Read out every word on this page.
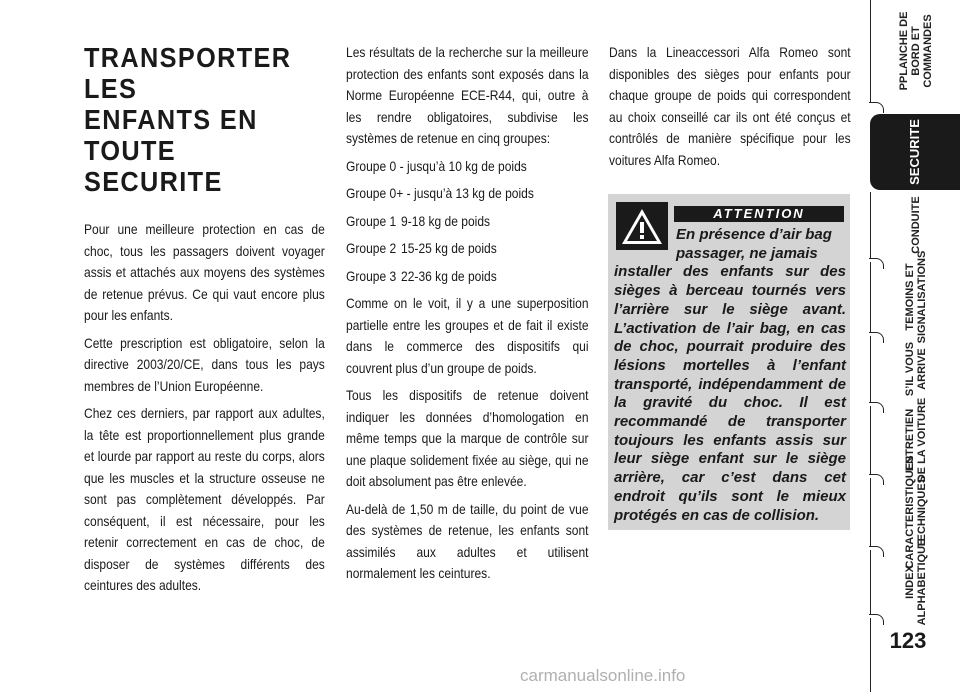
TRANSPORTER LES
ENFANTS EN TOUTE
SECURITE

Pour une meilleure protection en cas de choc, tous les passagers doivent voyager assis et attachés aux moyens des systèmes de retenue prévus. Ce qui vaut encore plus pour les enfants.

Cette prescription est obligatoire, selon la directive 2003/20/CE, dans tous les pays membres de l’Union Européenne.

Chez ces derniers, par rapport aux adultes, la tête est proportionnellement plus grande et lourde par rapport au reste du corps, alors que les muscles et la structure osseuse ne sont pas complètement développés. Par conséquent, il est nécessaire, pour les retenir correctement en cas de choc, de disposer de systèmes différents des ceintures des adultes.

Les résultats de la recherche sur la meilleure protection des enfants sont exposés dans la Norme Européenne ECE-R44, qui, outre à les rendre obligatoires, subdivise les systèmes de retenue en cinq groupes:

Groupe 0 - jusqu’à 10 kg de poids
Groupe 0+ - jusqu’à 13 kg de poids
Groupe 1 9-18 kg de poids
Groupe 2 15-25 kg de poids
Groupe 3 22-36 kg de poids

Comme on le voit, il y a une superposition partielle entre les groupes et de fait il existe dans le commerce des dispositifs qui couvrent plus d’un groupe de poids.

Tous les dispositifs de retenue doivent indiquer les données d’homologation en même temps que la marque de contrôle sur une plaque solidement fixée au siège, qui ne doit absolument pas être enlevée.

Au-delà de 1,50 m de taille, du point de vue des systèmes de retenue, les enfants sont assimilés aux adultes et utilisent normalement les ceintures.

Dans la Lineaccessori Alfa Romeo sont disponibles des sièges pour enfants pour chaque groupe de poids qui correspondent au choix conseillé car ils ont été conçus et contrôlés de manière spécifique pour les voitures Alfa Romeo.

ATTENTION
En présence d’air bag
passager, ne jamais
installer des enfants sur des sièges à berceau tournés vers l’arrière sur le siège avant. L’activation de l’air bag, en cas de choc, pourrait produire des lésions mortelles à l’enfant transporté, indépendamment de la gravité du choc. Il est recommandé de transporter toujours les enfants assis sur leur siège enfant sur le siège arrière, car c’est dans cet endroit qu’ils sont le mieux protégés en cas de collision.
PPLANCHE DE
BORD ET
COMMANDES
SECURITE
CONDUITE
TEMOINS ET
SIGNALISATIONS
S’IL VOUS
ARRIVE
ENTRETIEN
DE LA VOITURE
CARACTERISTIQUES
TECHNIQUES
INDEX
ALPHABETIQUE
123
carmanualsonline.info
